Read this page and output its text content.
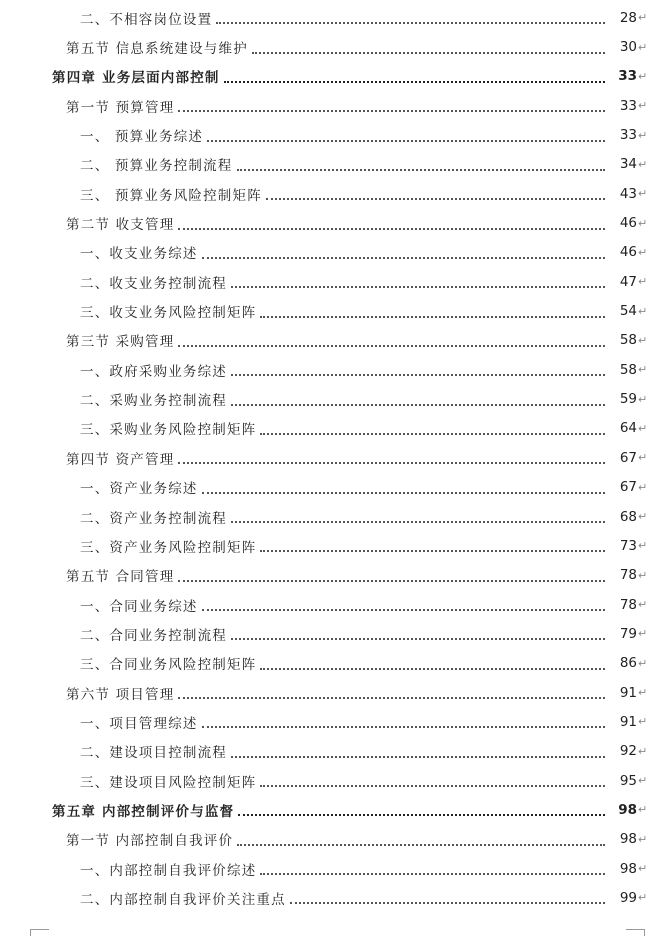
二、不相容岗位设置	28 ↵
第五节 信息系统建设与维护	30 ↵
第四章 业务层面内部控制	33 ↵
第一节 预算管理	33 ↵
一、 预算业务综述	33 ↵
二、 预算业务控制流程	34 ↵
三、 预算业务风险控制矩阵	43 ↵
第二节 收支管理	46 ↵
一、收支业务综述	46 ↵
二、收支业务控制流程	47 ↵
三、收支业务风险控制矩阵	54 ↵
第三节 采购管理	58 ↵
一、政府采购业务综述	58 ↵
二、采购业务控制流程	59 ↵
三、采购业务风险控制矩阵	64 ↵
第四节 资产管理	67 ↵
一、资产业务综述	67 ↵
二、资产业务控制流程	68 ↵
三、资产业务风险控制矩阵	73 ↵
第五节 合同管理	78 ↵
一、合同业务综述	78 ↵
二、合同业务控制流程	79 ↵
三、合同业务风险控制矩阵	86 ↵
第六节 项目管理	91 ↵
一、项目管理综述	91 ↵
二、建设项目控制流程	92 ↵
三、建设项目风险控制矩阵	95 ↵
第五章 内部控制评价与监督	98 ↵
第一节 内部控制自我评价	98 ↵
一、内部控制自我评价综述	98 ↵
二、内部控制自我评价关注重点	99 ↵
